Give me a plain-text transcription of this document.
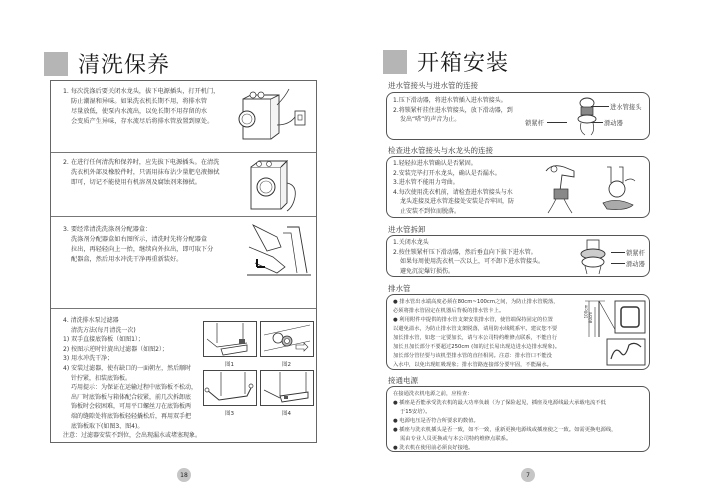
清洗保养

1. 每次洗涤后要关闭水龙头，拔下电源插头，打开机门，

防止潮湿和异味。如果洗衣机长期不用，将排水管

尽量放低，使泵内水流出，以免长期不用存留的水

会变质产生异味，存水流尽后将排水管放置到原处。

2. 在进行任何清洗和保养时，应先拔下电源插头。在清洗

洗衣机外部及橡胶件时，只需用抹布沾少量肥皂液擦拭

即可，切记不能使用有机溶剂及腐蚀剂来擦拭。

3. 要经常清洗洗涤剂分配器盒：

洗涤剂分配器盒如右图所示，清洗时先将分配器盒

拉出，再轻轻向上一抬，继续向外拉出，即可取下分

配器盒，然后用水冲洗干净再重新装好。

4. 清洗排水泵过滤器

清洗方法(每月清洗一次)

1) 双手直接底饰板（如图1）；

2) 按图示逆时针旋出过滤器（如图2）；

3) 用水冲洗干净；

4) 安装过滤器，使有缺口的一面朝左，然后顺时

针拧紧，扣装底饰板。

巧用提示：为保证在运输过程中底饰板不松动，

出厂时底饰板与箱体配合较紧，前几次拆卸底

饰板时会较困难，可用平口螺丝刀在底饰板两

端的缝隙处将底饰板轻轻撬松后，再用双手把

底饰板取下(如图3、图4)。

注意：过滤器安装不到位，会出现漏水或堵塞现象。

图1	图2
图3	图4
18
开箱安装
进水管接头与进水管的连接

1.压下滑动器，将进水管插入进水管接头。

2.将锁紧杆挂住进水管接头，放下滑动器，到

发出“嗒”的声音为止。

进水管接头
锁紧杆	滑动器
检查进水管接头与水龙头的连接

1.轻轻拉进水管确认是否紧固。

2.安装完毕打开水龙头，确认是否漏水。

3.进水管不能用力弯曲。

4.每次使用洗衣机前，请检查进水管接头与水

龙头连接及进水管连接处安装是否牢固，防

止安装不到位而脱落。

进水管拆卸

1.关闭水龙头

2.按住锁紧杆压下滑动器，然后垂直向下拔下进水管。

如果每周使用洗衣机一次以上，可不卸下进水管接头。

避免沉淀爆钉损伤。

锁紧杆
滑动器
排水管

● 排水管出水端高度必须在80cm~100cm之间，为防止排水管脱落，

必须将排水管固定在机器后背板的排水管卡上。

● 利用附件中提供的排水管支架安装排水管，使管端保持固定的位置

以避免溢水，为防止排水管支架脱落，请用防水线缆系牢。建议您不要

加长排水管，如您一定要加长，请与本公司特约维修点联系，不能自行

加长且加长部分不要超过250cm (如的过长易出现边进水边排水现象)。

加长部分管径要与该机型排水管的直径相同。注意：排水管口不能没

入水中，以免出现虹吸现象；排水管路连接部分要牢固，不能漏水。

100cm 80cm
接通电源

在接通洗衣机电源之前，应检查：

● 插座是否能承受洗衣机的最大功率负载（为了保险起见，插座及电源线最大承载电流不低

于15安培）。

● 电源电压是否符合所要求的数值。

● 插座与洗衣机插头是否一致，如不一致，重新更换电源线或插座使之一致。如需更换电源线，

需由专业人员更换或与本公司特约维修点联系。

● 洗衣机在使用前必须良好接地。

7
